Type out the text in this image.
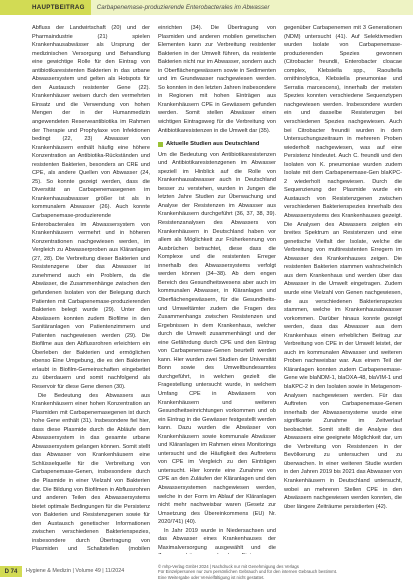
HAUPTBEITRAG	Carbapenemase-produzierende Enterobacterales im Abwasser

Abfluss der Landwirtschaft (20) und der Pharmaindustrie (21) spielen Krankenhausabwässer als Ursprung der medizinischen Versorgung und Behandlung eine gewichtige Rolle für den Eintrag von antibiotikaresistenten Bakterien in das urbane Abwassersystem und gelten als Hotspots für den Austausch resistenter Gene (22). Krankenhäuser weisen durch den vermehrten Einsatz und die Verwendung von hohen Mengen der in der Humanmedizin angewendeten Reserveantibiotika im Rahmen der Therapie und Prophylaxe von Infektionen bedingt (22, 23) Abwasser von Krankenhäusern enthält häufig eine höhere Konzentration an Antibiotika-Rückständen und resistenten Bakterien, besonders an CRE und CPE, als andere Quellen von Abwasser (24, 25). So konnte gezeigt werden, dass die Diversität an Carbapenemasegenen im Krankenhausabwasser größer ist als in kommunalem Abwasser (26). Auch konnte Carbapenemase-produzierende Enterobacterales im Abwassersystem von Krankenhäusern vermehrt und in höheren Konzentrationen nachgewiesen werden, im Vergleich zu Abwasserproben aus Kläranlagen (27, 28). Die Verbreitung dieser Bakterien und Resistenzgene über das Abwasser ist zunehmend auch ein Problem, da die Abwässer, die Zusammenhänge zwischen den gefundenen Isolaten von der Belegung durch Patienten mit Carbapenemase-produzierenden Bakterien belegt wurde (29). Unter den Abwässern konnten zudem Biofilme in den Sanitäranlagen von Patientenzimmern und Patienten nachgewiesen werden (29). Die Biofilme aus den Abflussrohren erleichtern ein Überleben der Bakterien und ermöglichen ebenso Eine Umgebung, die es den Bakterien erlaubt in Biofilm-Gemeinschaften eingebettet zu überdauern und somit nachfolgend als Reservoir für diese Gene dienen (30).

Die Bedeutung des Abwassers aus Krankenhäusern einer hohen Konzentration an Plasmiden mit Carbapenemasegenen ist durch hohe Gene enthält (31). Insbesondere fiel hier, dass diese Plasmide durch die Abläufe dem Abwassersystem in das gesamte urbane Abwassersystem gelangen können. Somit stellt das Abwasser von Krankenhäusern eine Schlüsselquelle für die Verbreitung von Carbapenemase-Genen, insbesondere durch die Plasmide in einer Vielzahl von Bakterien dar. Die Bildung von Biofilmen in Abflussrohren und anderen Teilen des Abwassersystems bietet optimale Bedingungen für die Persistenz von Bakterien und Resistenzgenen sowie für den Austausch genetischer Informationen zwischen verschiedenen Bakterienspezies, insbesondere durch Übertragung von Plasmiden und Schaltstellen (mobilen

einrichten (34). Die Übertragung von Plasmiden und anderen mobilen genetischen Elementen kann zur Verbreitung resistenter Bakterien in der Umwelt führen, da resistente Bakterien nicht nur im Abwasser, sondern auch in Oberflächengewässern sowie in Sedimenten und im Grundwasser nachgewiesen werden. So konnten in den letzten Jahren insbesondere in Regionen mit hohen Einträgen aus Krankenhäusern CPE in Gewässern gefunden werden. Somit stellen Abwässer einen wichtigen Eintragsweg für die Verbreitung von Antibiotikaresistenzen in die Umwelt dar (35).

Aktuelle Studien aus Deutschland

Um die Bedeutung von Antibiotikaresistenzen und Antibiotikaresistenzgenen im Abwasser speziell im Hinblick auf die Rolle von Krankenhausabwasser auch in Deutschland besser zu verstehen, wurden in Jungen die letzten Jahre Studien zur Überwachung und Analyse der Resistenzen im Abwasser aus Krankenhäusern durchgeführt (36, 37, 38, 39). Resistenzanalysen des Abwassers von Krankenhäusern in Deutschland haben vor allem als Möglichkeit zur Früherkennung von Ausbrüchen betrachtet, diese dass die Komplexe und die resistenten Erreger innerhalb des Abwassersystems verfolgt werden können (34–38). Ab dem engen Bereich des Gesundheitswesens aber auch im kommunalen Abwasser, in Kläranlagen und Oberflächengewässern, für die Gesundheits- und Umweltämter zudem die Fragen des Zusammenhangs zwischen Resistenzen und Ergebnissen in dem Krankenhaus, welcher durch die Umwelt zusammenhängt und der eine Gefährdung durch CPE und den Eintrag von Carbapenemase-Genen beurteilt werden kann. Hier wurden zwei Studien der Universität Bonn sowie des Umweltbundesamtes durchgeführt, in welchen gezielt die Fragestellung untersucht wurde, in welchem Umfang CPE in Abwässern von Krankenhäusern und weiteren Gesundheitseinrichtungen vorkommen und ob ein Eintrag in die Gewässer festgestellt werden kann. Dazu wurden die Abwässer von Krankenhäusern sowie kommunale Abwässer und Kläranlagen im Rahmen eines Monitorings untersucht und die Häufigkeit des Auftretens von CPE im Vergleich zu den Einträgen untersucht. Hier konnte eine Zunahme von CPE an den Zuläufen der Kläranlagen und den Abwassersystemen nachgewiesen werden, welche in der Form im Ablauf der Kläranlagen nicht mehr nachweisbar waren (Gesetz zur Umsetzung des Übereinkommens (EU) Nr. 2020/741) (40).

In Jahr 2019 wurde in Niedersachsen und das Abwasser eines Krankenhauses der Maximalversorgung ausgewählt und die

gegenüber Carbapenemen mit 3 Generationen (NDM) untersucht (41). Auf Selektivmedien wurden Isolate von Carbapenemase-produzierenden Spezies gewonnen (Citrobacter freundii, Enterobacter cloacae complex, Klebsiella spp., Raoultella ornithinolytica, Klebsiella pneumoniae und Serratia marcescens), innerhalb der meisten Spezies konnten verschiedene Sequenztypen nachgewiesen werden. Insbesondere wurden ein und dasselbe Resistenzgen bei verschiedenen Spezies nachgewiesen. Auch bei Citrobacter freundii wurden in dem Untersuchungszeitraum in mehreren Proben wiederholt nachgewiesen, was auf eine Persistenz hindeutet. Auch C. freundii und den Isolaten von K. pneumoniae wurden zudem Isolate mit dem Carbapenemase-Gen blaKPC-2 wiederholt nachgewiesen. Durch die Sequenzierung der Plasmide wurde ein Austausch von Resistenzgenen zwischen verschiedenen Bakterienspezies innerhalb des Abwassersystems des Krankenhauses gezeigt. Die Analysen des Abwassers zeigten ein breites Spektrum an Resistenzen und eine genetische Vielfalt der Isolate, welche die Verbreitung von multiresistenten Erregern im Abwasser des Krankenhauses zeigen. Die resistenten Bakterien stammen wahrscheinlich aus dem Krankenhaus und werden über das Abwasser in die Umwelt eingetragen. Zudem wurde eine Vielzahl von Genen nachgewiesen, die aus verschiedenen Bakterienspezies stammen, welche im Krankenhausabwasser vorkommen. Darüber hinaus konnte gezeigt werden, dass das Abwasser aus dem Krankenhaus einen erheblichen Beitrag zur Verbreitung von CPE in der Umwelt leistet, der auch im kommunalen Abwasser und weiteren Proben nachweisbar war. Aus einem Teil der Kläranlagen konnten zudem Carbapenemase-Gene wie blaNDM-1, blaOXA-48, blaVIM-1 und blaKPC-2 in den Isolaten sowie in Metagenom-Analysen nachgewiesen werden. Für das Auftreten von Carbapenemase-Genen innerhalb der Abwassersysteme wurde eine signifikante Zunahme im Zeitverlauf beobachtet. Somit stellt die Analyse des Abwassers eine geeignete Möglichkeit dar, um die Verbreitung von Resistenzen in der Bevölkerung zu untersuchen und zu überwachen. In einer weiteren Studie wurden in den Jahren 2019 bis 2021 das Abwasser von Krankenhäusern in Deutschland untersucht, wobei an mehreren Stellen CPE in den Abwässern nachgewiesen werden konnten, die über längere Zeiträume persistierten (42).

D 74	Hygiene & Medizin | Volume 49 | 11/2024
© mhp-Verlag GmbH 2024 | Nachdruck nur mit Genehmigung des Verlags
Für Einzelpersonen nur zum persönlichen Gebrauch und für den internen Gebrauch bestimmt.
Eine Weitergabe oder Vervielfältigung ist nicht gestattet.
